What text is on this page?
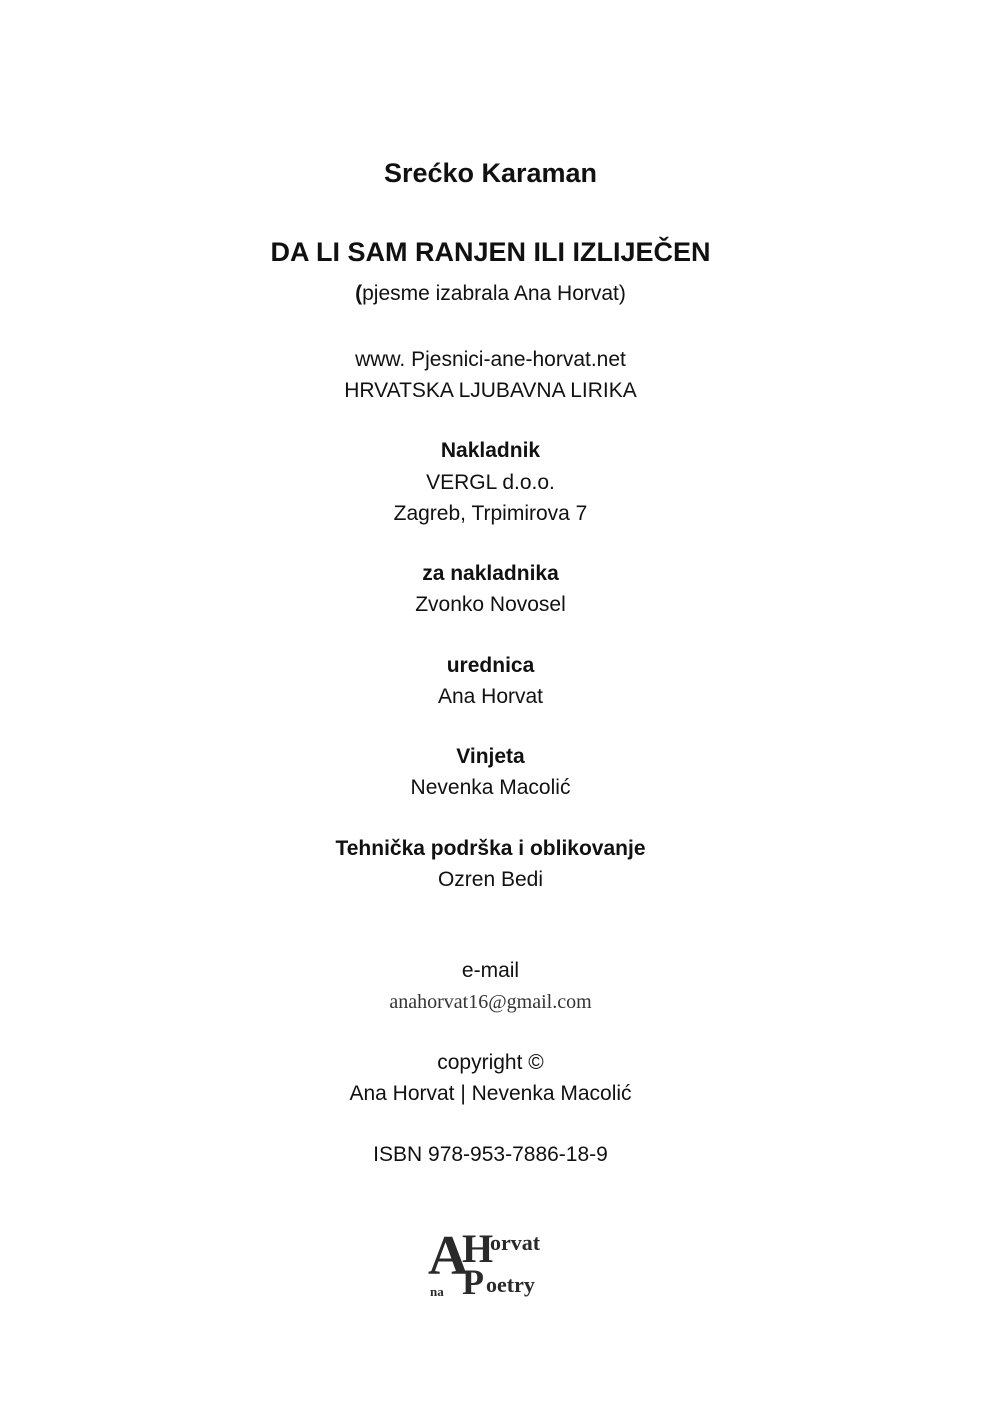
Srećko Karaman
DA LI SAM RANJEN ILI IZLIJEČEN
(pjesme izabrala Ana Horvat)
www. Pjesnici-ane-horvat.net
HRVATSKA LJUBAVNA LIRIKA
Nakladnik
VERGL d.o.o.
Zagreb, Trpimirova 7
za nakladnika
Zvonko Novosel
urednica
Ana Horvat
Vinjeta
Nevenka Macolić
Tehnička podrška i oblikovanje
Ozren Bedi
e-mail
anahorvat16@gmail.com
copyright ©
Ana Horvat | Nevenka Macolić
ISBN 978-953-7886-18-9
A
H
orvat
na P oetry
